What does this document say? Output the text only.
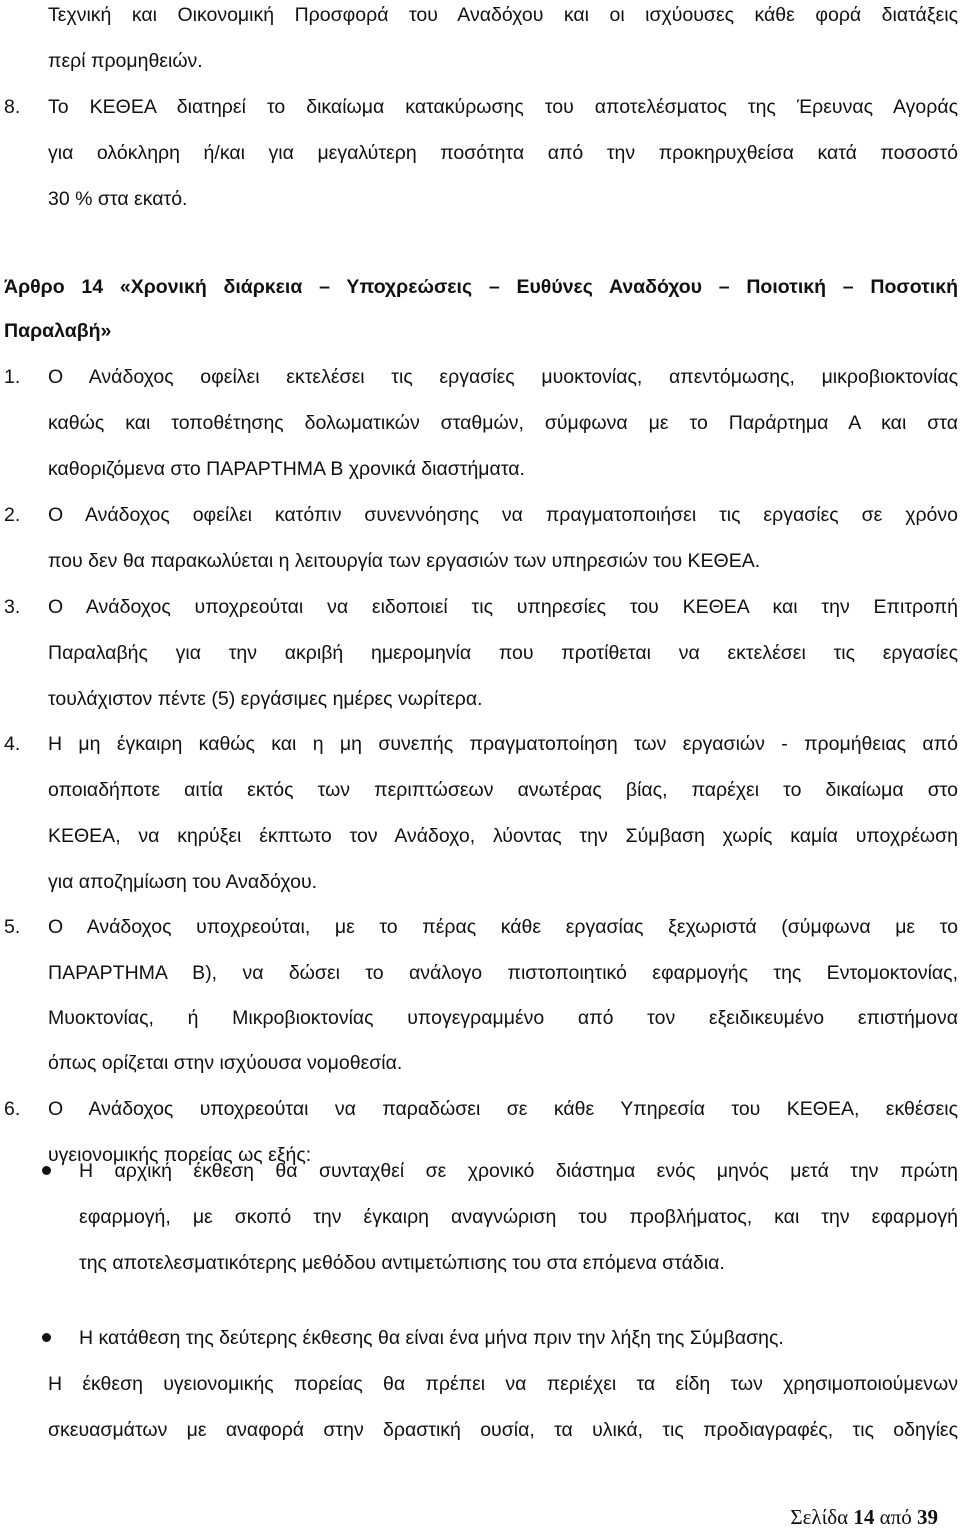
Τεχνική και Οικονομική Προσφορά του Αναδόχου και οι ισχύουσες κάθε φορά διατάξεις
περί προμηθειών.
8. Το ΚΕΘΕΑ διατηρεί το δικαίωμα κατακύρωσης του αποτελέσματος της Έρευνας Αγοράς
για ολόκληρη ή/και για μεγαλύτερη ποσότητα από την προκηρυχθείσα κατά ποσοστό
30 % στα εκατό.
Άρθρο 14 «Χρονική διάρκεια – Υποχρεώσεις – Ευθύνες Αναδόχου – Ποιοτική – Ποσοτική
Παραλαβή»
1. Ο Ανάδοχος οφείλει εκτελέσει τις εργασίες μυοκτονίας, απεντόμωσης, μικροβιοκτονίας
καθώς και τοποθέτησης δολωματικών σταθμών, σύμφωνα με το Παράρτημα Α και στα
καθοριζόμενα στο ΠΑΡΑΡΤΗΜΑ Β χρονικά διαστήματα.
2. Ο Ανάδοχος οφείλει κατόπιν συνεννόησης να πραγματοποιήσει τις εργασίες σε χρόνο
που δεν θα παρακωλύεται η λειτουργία των εργασιών των υπηρεσιών του ΚΕΘΕΑ.
3. Ο Ανάδοχος υποχρεούται να ειδοποιεί τις υπηρεσίες του ΚΕΘΕΑ και την Επιτροπή
Παραλαβής για την ακριβή ημερομηνία που προτίθεται να εκτελέσει τις εργασίες
τουλάχιστον πέντε (5) εργάσιμες ημέρες νωρίτερα.
4. Η μη έγκαιρη καθώς και η μη συνεπής πραγματοποίηση των εργασιών - προμήθειας από
οποιαδήποτε αιτία εκτός των περιπτώσεων ανωτέρας βίας, παρέχει το δικαίωμα στο
ΚΕΘΕΑ, να κηρύξει έκπτωτο τον Ανάδοχο, λύοντας την Σύμβαση χωρίς καμία υποχρέωση
για αποζημίωση του Αναδόχου.
5. Ο Ανάδοχος υποχρεούται, με το πέρας κάθε εργασίας ξεχωριστά (σύμφωνα με το
ΠΑΡΑΡΤΗΜΑ Β), να δώσει το ανάλογο πιστοποιητικό εφαρμογής της Εντομοκτονίας,
Μυοκτονίας, ή Μικροβιοκτονίας υπογεγραμμένο από τον εξειδικευμένο επιστήμονα
όπως ορίζεται στην ισχύουσα νομοθεσία.
6. Ο Ανάδοχος υποχρεούται να παραδώσει σε κάθε Υπηρεσία του ΚΕΘΕΑ, εκθέσεις
υγειονομικής πορείας ως εξής:
Η αρχική έκθεση θα συνταχθεί σε χρονικό διάστημα ενός μηνός μετά την πρώτη
εφαρμογή, με σκοπό την έγκαιρη αναγνώριση του προβλήματος, και την εφαρμογή
της αποτελεσματικότερης μεθόδου αντιμετώπισης του στα επόμενα στάδια.
Η κατάθεση της δεύτερης έκθεσης θα είναι ένα μήνα πριν την λήξη της Σύμβασης.
Η έκθεση υγειονομικής πορείας θα πρέπει να περιέχει τα είδη των χρησιμοποιούμενων
σκευασμάτων με αναφορά στην δραστική ουσία, τα υλικά, τις προδιαγραφές, τις οδηγίες
Σελίδα 14 από 39
